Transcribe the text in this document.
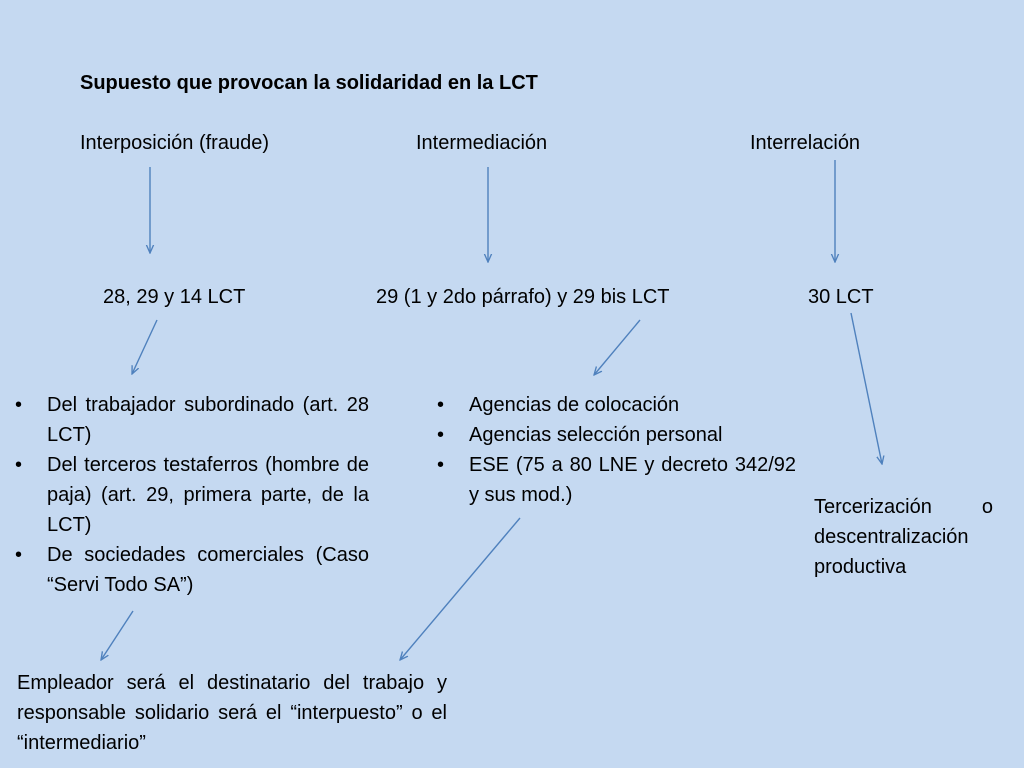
Supuesto que provocan la solidaridad en la LCT
Interposición (fraude)	Intermediación	Interrelación
28, 29 y 14 LCT	29 (1 y 2do párrafo) y 29 bis LCT	30 LCT
• Del trabajador subordinado (art. 28 LCT)
• Del terceros testaferros (hombre de paja) (art. 29, primera parte, de la LCT)
• De sociedades comerciales (Caso “Servi Todo SA”)
• Agencias de colocación
• Agencias selección personal
• ESE (75 a 80 LNE y decreto 342/92 y sus mod.)
Tercerización o descentralización productiva
Empleador será el destinatario del trabajo y responsable solidario será el “interpuesto” o el “intermediario”
